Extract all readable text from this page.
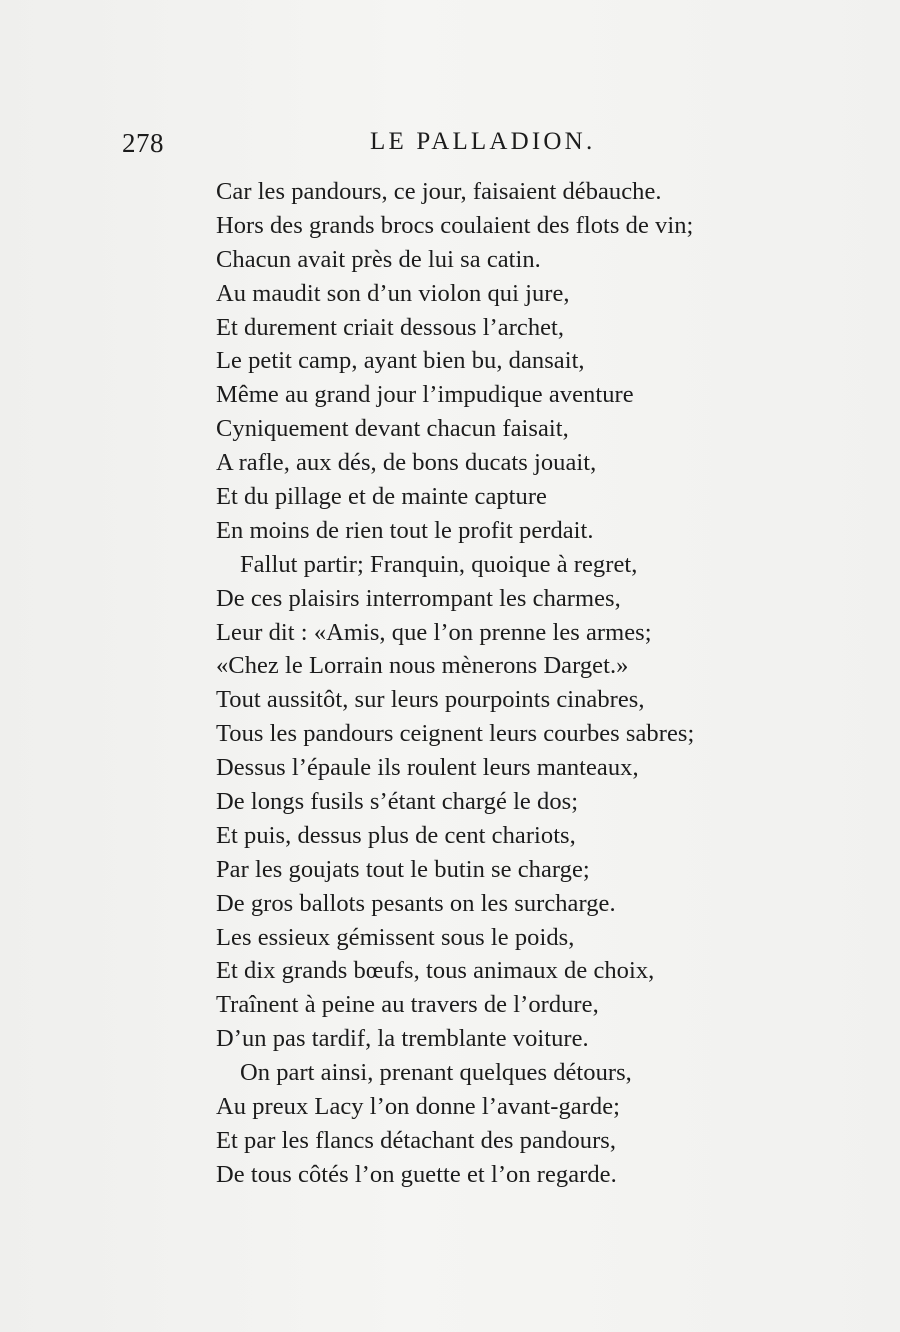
278	LE PALLADION.
Car les pandours, ce jour, faisaient débauche.
Hors des grands brocs coulaient des flots de vin;
Chacun avait près de lui sa catin.
Au maudit son d’un violon qui jure,
Et durement criait dessous l’archet,
Le petit camp, ayant bien bu, dansait,
Même au grand jour l’impudique aventure
Cyniquement devant chacun faisait,
A rafle, aux dés, de bons ducats jouait,
Et du pillage et de mainte capture
En moins de rien tout le profit perdait.
Fallut partir; Franquin, quoique à regret,
De ces plaisirs interrompant les charmes,
Leur dit : «Amis, que l’on prenne les armes;
«Chez le Lorrain nous mènerons Darget.»
Tout aussitôt, sur leurs pourpoints cinabres,
Tous les pandours ceignent leurs courbes sabres;
Dessus l’épaule ils roulent leurs manteaux,
De longs fusils s’étant chargé le dos;
Et puis, dessus plus de cent chariots,
Par les goujats tout le butin se charge;
De gros ballots pesants on les surcharge.
Les essieux gémissent sous le poids,
Et dix grands bœufs, tous animaux de choix,
Traînent à peine au travers de l’ordure,
D’un pas tardif, la tremblante voiture.
On part ainsi, prenant quelques détours,
Au preux Lacy l’on donne l’avant-garde;
Et par les flancs détachant des pandours,
De tous côtés l’on guette et l’on regarde.
